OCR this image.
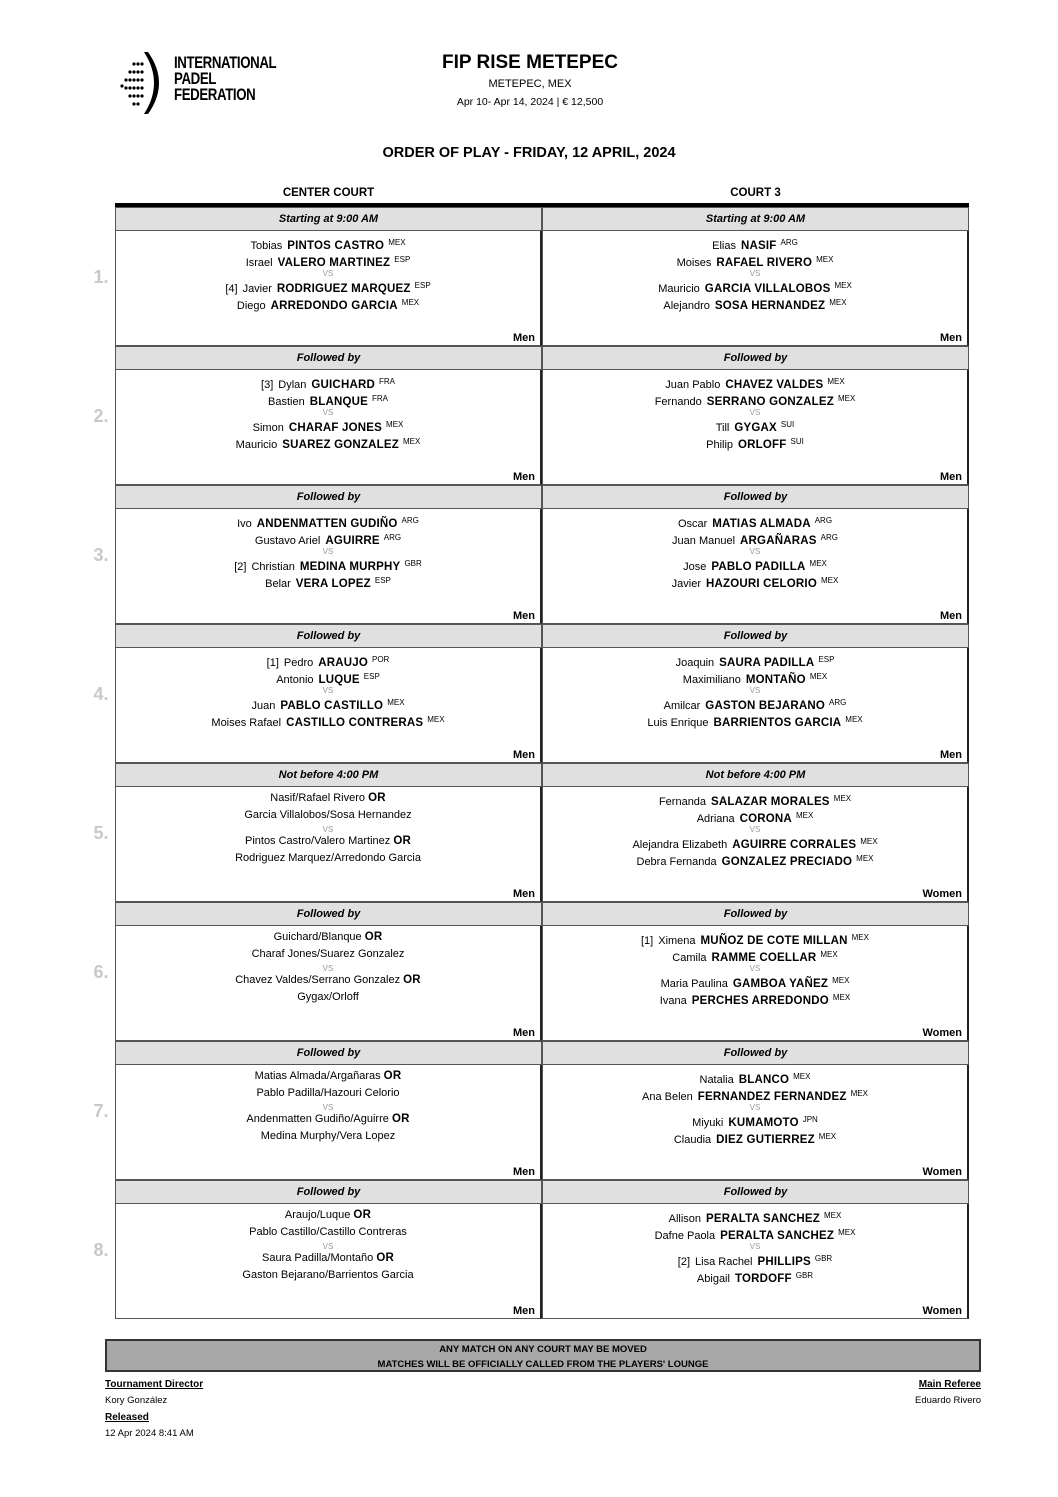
INTERNATIONAL
PADEL
FEDERATION
FIP RISE METEPEC
METEPEC, MEX
Apr 10- Apr 14, 2024 | € 12,500
ORDER OF PLAY - FRIDAY, 12 APRIL, 2024
CENTER COURT	COURT 3
1.
Starting at 9:00 AM
Tobias PINTOS CASTRO $^{MEX}$
Israel VALERO MARTINEZ $^{ESP}$
VS
[4] Javier RODRIGUEZ MARQUEZ $^{ESP}$
Diego ARREDONDO GARCIA $^{MEX}$
Men
Starting at 9:00 AM
Elias NASIF $^{ARG}$
Moises RAFAEL RIVERO $^{MEX}$
VS
Mauricio GARCIA VILLALOBOS $^{MEX}$
Alejandro SOSA HERNANDEZ $^{MEX}$
Men
2.
Followed by
[3] Dylan GUICHARD $^{FRA}$
Bastien BLANQUE $^{FRA}$
VS
Simon CHARAF JONES $^{MEX}$
Mauricio SUAREZ GONZALEZ $^{MEX}$
Men
Followed by
Juan Pablo CHAVEZ VALDES $^{MEX}$
Fernando SERRANO GONZALEZ $^{MEX}$
VS
Till GYGAX $^{SUI}$
Philip ORLOFF $^{SUI}$
Men
3.
Followed by
Ivo ANDENMATTEN GUDIÑO $^{ARG}$
Gustavo Ariel AGUIRRE $^{ARG}$
VS
[2] Christian MEDINA MURPHY $^{GBR}$
Belar VERA LOPEZ $^{ESP}$
Men
Followed by
Oscar MATIAS ALMADA $^{ARG}$
Juan Manuel ARGAÑARAS $^{ARG}$
VS
Jose PABLO PADILLA $^{MEX}$
Javier HAZOURI CELORIO $^{MEX}$
Men
4.
Followed by
[1] Pedro ARAUJO $^{POR}$
Antonio LUQUE $^{ESP}$
VS
Juan PABLO CASTILLO $^{MEX}$
Moises Rafael CASTILLO CONTRERAS $^{MEX}$
Men
Followed by
Joaquin SAURA PADILLA $^{ESP}$
Maximiliano MONTAÑO $^{MEX}$
VS
Amilcar GASTON BEJARANO $^{ARG}$
Luis Enrique BARRIENTOS GARCIA $^{MEX}$
Men
5.
Not before 4:00 PM
Nasif/Rafael Rivero OR
Garcia Villalobos/Sosa Hernandez
VS
Pintos Castro/Valero Martinez OR
Rodriguez Marquez/Arredondo Garcia
Men
Not before 4:00 PM
Fernanda SALAZAR MORALES $^{MEX}$
Adriana CORONA $^{MEX}$
VS
Alejandra Elizabeth AGUIRRE CORRALES $^{MEX}$
Debra Fernanda GONZALEZ PRECIADO $^{MEX}$
Women
6.
Followed by
Guichard/Blanque OR
Charaf Jones/Suarez Gonzalez
VS
Chavez Valdes/Serrano Gonzalez OR
Gygax/Orloff
Men
Followed by
[1] Ximena MUÑOZ DE COTE MILLAN $^{MEX}$
Camila RAMME COELLAR $^{MEX}$
VS
Maria Paulina GAMBOA YAÑEZ $^{MEX}$
Ivana PERCHES ARREDONDO $^{MEX}$
Women
7.
Followed by
Matias Almada/Argañaras OR
Pablo Padilla/Hazouri Celorio
VS
Andenmatten Gudiño/Aguirre OR
Medina Murphy/Vera Lopez
Men
Followed by
Natalia BLANCO $^{MEX}$
Ana Belen FERNANDEZ FERNANDEZ $^{MEX}$
VS
Miyuki KUMAMOTO $^{JPN}$
Claudia DIEZ GUTIERREZ $^{MEX}$
Women
8.
Followed by
Araujo/Luque OR
Pablo Castillo/Castillo Contreras
VS
Saura Padilla/Montaño OR
Gaston Bejarano/Barrientos Garcia
Men
Followed by
Allison PERALTA SANCHEZ $^{MEX}$
Dafne Paola PERALTA SANCHEZ $^{MEX}$
VS
[2] Lisa Rachel PHILLIPS $^{GBR}$
Abigail TORDOFF $^{GBR}$
Women
ANY MATCH ON ANY COURT MAY BE MOVED
MATCHES WILL BE OFFICIALLY CALLED FROM THE PLAYERS' LOUNGE
Tournament Director
Kory González
Released
12 Apr 2024 8:41 AM
Main Referee
Eduardo Rivero
